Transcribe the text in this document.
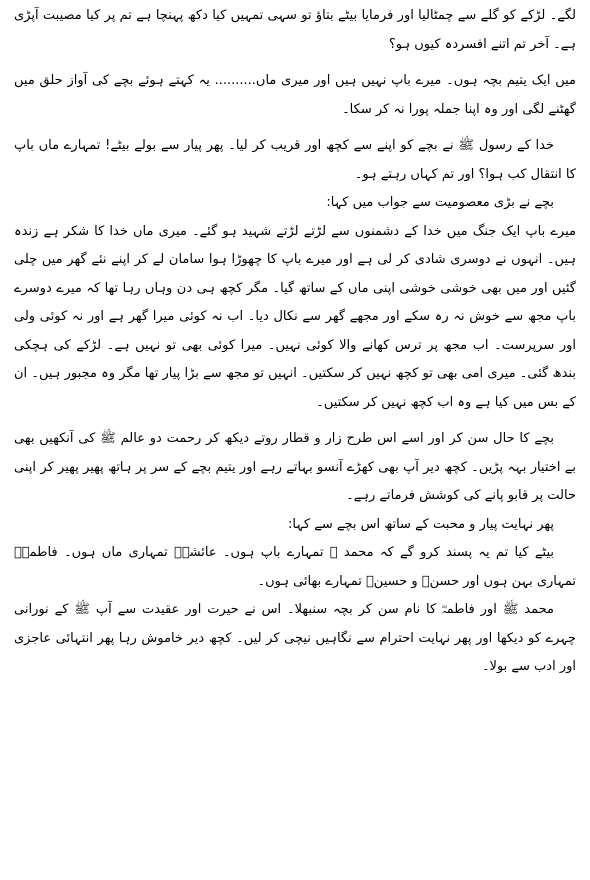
لگے۔ لڑکے کو گلے سے چمٹالیا اور فرمایا بیٹے بتاؤ تو سہی تمہیں کیا دکھ پہنچا ہے تم پر کیا مصیبت آپڑی ہے۔ آخر تم اتنے افسردہ کیوں ہو؟

میں ایک یتیم بچہ ہوں۔ میرے باپ نہیں ہیں اور میری ماں.......... یہ کہتے ہوئے بچے کی آواز حلق میں گھٹنے لگی اور وہ اپنا جملہ پورا نہ کر سکا۔

خدا کے رسول ﷺ نے بچے کو اپنے سے کچھ اور قریب کر لیا۔ پھر پیار سے بولے بیٹے! تمہارے ماں باپ کا انتقال کب ہوا؟ اور تم کہاں رہتے ہو۔

بچے نے بڑی معصومیت سے جواب میں کہا:

میرے باپ ایک جنگ میں خدا کے دشمنوں سے لڑتے لڑتے شہید ہو گئے۔ میری ماں خدا کا شکر ہے زندہ ہیں۔ انہوں نے دوسری شادی کر لی ہے اور میرے باپ کا چھوڑا ہوا سامان لے کر اپنے نئے گھر میں چلی گئیں اور میں بھی خوشی خوشی اپنی ماں کے ساتھ گیا۔ مگر کچھ ہی دن وہاں رہا تھا کہ میرے دوسرے باپ مجھ سے خوش نہ رہ سکے اور مجھے گھر سے نکال دیا۔ اب نہ کوئی میرا گھر ہے اور نہ کوئی ولی اور سرپرست۔ اب مجھ پر ترس کھانے والا کوئی نہیں۔ میرا کوئی بھی تو نہیں ہے۔ لڑکے کی ہچکی بندھ گئی۔ میری امی بھی تو کچھ نہیں کر سکتیں۔ انہیں تو مجھ سے بڑا پیار تھا مگر وہ مجبور ہیں۔ ان کے بس میں کیا ہے وہ اب کچھ نہیں کر سکتیں۔

بچے کا حال سن کر اور اسے اس طرح زار و قطار روتے دیکھ کر رحمت دو عالم ﷺ کی آنکھیں بھی بے اختیار بہہ پڑیں۔ کچھ دیر آپ بھی کھڑے آنسو بہاتے رہے اور یتیم بچے کے سر پر ہاتھ پھیر پھیر کر اپنی حالت پر قابو پانے کی کوشش فرماتے رہے۔

پھر نہایت پیار و محبت کے ساتھ اس بچے سے کہا:

بیٹے کیا تم یہ پسند کرو گے کہ محمد ﷺ تمہارے باپ ہوں۔ عائشہؓ تمہاری ماں ہوں۔ فاطمہؓ تمہاری بہن ہوں اور حسنؓ و حسینؓ تمہارے بھائی ہوں۔

محمد ﷺ اور فاطمہؓ کا نام سن کر بچہ سنبھلا۔ اس نے حیرت اور عقیدت سے آپ ﷺ کے نورانی چہرے کو دیکھا اور پھر نہایت احترام سے نگاہیں نیچی کر لیں۔ کچھ دیر خاموش رہا پھر انتہائی عاجزی اور ادب سے بولا۔
